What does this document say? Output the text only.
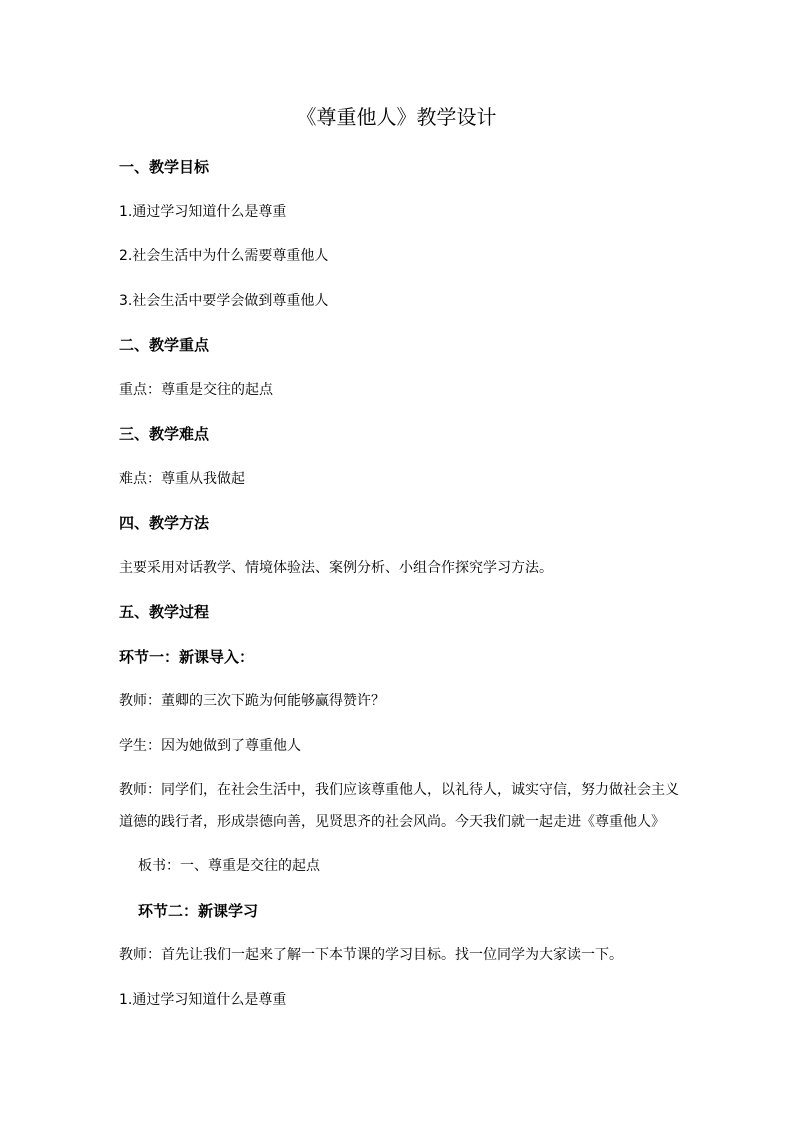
《尊重他人》教学设计
一、教学目标
1.通过学习知道什么是尊重
2.社会生活中为什么需要尊重他人
3.社会生活中要学会做到尊重他人
二、教学重点
重点：尊重是交往的起点
三、教学难点
难点：尊重从我做起
四、教学方法
主要采用对话教学、情境体验法、案例分析、小组合作探究学习方法。
五、教学过程
环节一：新课导入：
教师：董卿的三次下跪为何能够赢得赞许？
学生：因为她做到了尊重他人
教师：同学们，在社会生活中，我们应该尊重他人，以礼待人，诚实守信，努力做社会主义
道德的践行者，形成崇德向善，见贤思齐的社会风尚。今天我们就一起走进《尊重他人》
板书：一、尊重是交往的起点
环节二：新课学习
教师：首先让我们一起来了解一下本节课的学习目标。找一位同学为大家读一下。
1.通过学习知道什么是尊重
